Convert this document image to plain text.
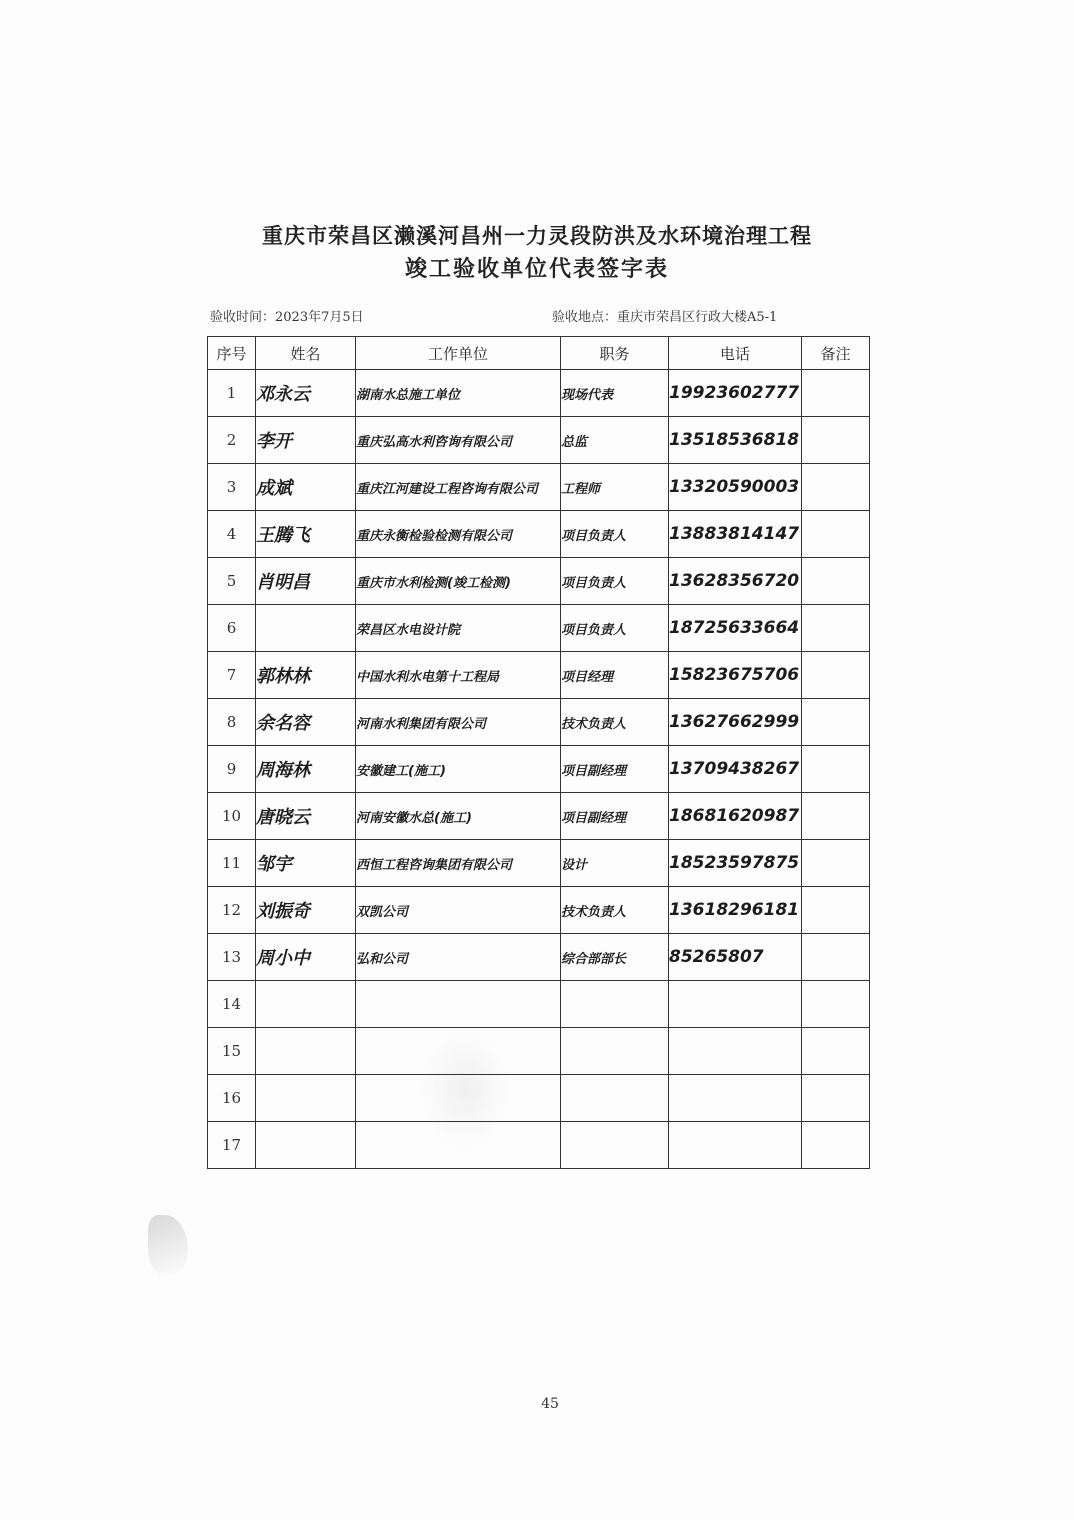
重庆市荣昌区濑溪河昌州一力灵段防洪及水环境治理工程
竣工验收单位代表签字表
验收时间：2023年7月5日	验收地点：重庆市荣昌区行政大楼A5-1
序号	姓名	工作单位	职务	电话	备注
1	邓永云	湖南水总施工单位	现场代表	19923602777	
2	李开	重庆弘高水利咨询有限公司	总监	13518536818	
3	成斌	重庆江河建设工程咨询有限公司	工程师	13320590003	
4	王腾飞	重庆永衡检验检测有限公司	项目负责人	13883814147	
5	肖明昌	重庆市水利检测(竣工检测)	项目负责人	13628356720	
6		荣昌区水电设计院	项目负责人	18725633664	
7	郭林林	中国水利水电第十工程局	项目经理	15823675706	
8	余名容	河南水利集团有限公司	技术负责人	13627662999	
9	周海林	安徽建工(施工)	项目副经理	13709438267	
10	唐晓云	河南安徽水总(施工)	项目副经理	18681620987	
11	邹宇	西恒工程咨询集团有限公司	设计	18523597875	
12	刘振奇	双凯公司	技术负责人	13618296181	
13	周小中	弘和公司	综合部部长	85265807	
14					
15					
16					
17					
45
